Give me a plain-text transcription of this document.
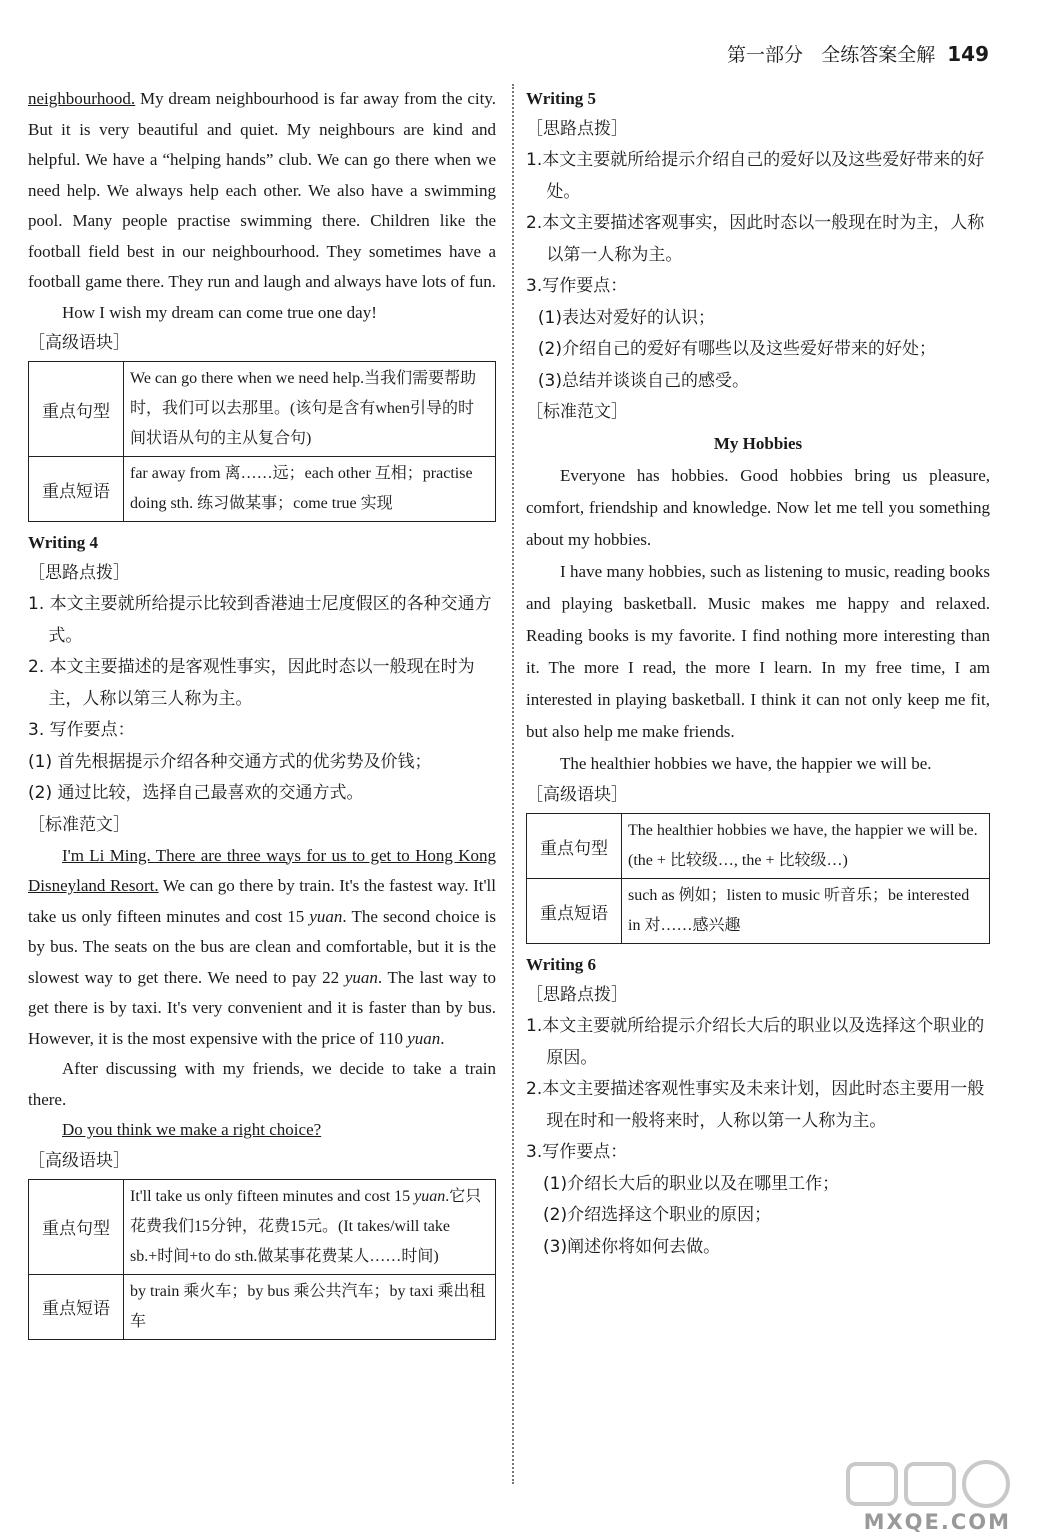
第一部分 全练答案全解 149

neighbourhood. My dream neighbourhood is far away from the city. But it is very beautiful and quiet. My neighbours are kind and helpful. We have a “helping hands” club. We can go there when we need help. We always help each other. We also have a swimming pool. Many people practise swimming there. Children like the football field best in our neighbourhood. They sometimes have a football game there. They run and laugh and always have lots of fun.

How I wish my dream can come true one day!

［高级语块］

重点句型	We can go there when we need help.当我们需要帮助时，我们可以去那里。(该句是含有when引导的时间状语从句的主从复合句)
重点短语	far away from 离……远；each other 互相；practise doing sth. 练习做某事；come true 实现

Writing 4

［思路点拨］

1. 本文主要就所给提示比较到香港迪士尼度假区的各种交通方式。

2. 本文主要描述的是客观性事实，因此时态以一般现在时为主，人称以第三人称为主。

3. 写作要点：

(1) 首先根据提示介绍各种交通方式的优劣势及价钱；

(2) 通过比较，选择自己最喜欢的交通方式。

［标准范文］

I'm Li Ming. There are three ways for us to get to Hong Kong Disneyland Resort. We can go there by train. It's the fastest way. It'll take us only fifteen minutes and cost 15 yuan. The second choice is by bus. The seats on the bus are clean and comfortable, but it is the slowest way to get there. We need to pay 22 yuan. The last way to get there is by taxi. It's very convenient and it is faster than by bus. However, it is the most expensive with the price of 110 yuan.

After discussing with my friends, we decide to take a train there.

Do you think we make a right choice?

［高级语块］

重点句型	It'll take us only fifteen minutes and cost 15 yuan.它只花费我们15分钟，花费15元。(It takes/will take sb.+时间+to do sth.做某事花费某人……时间)
重点短语	by train 乘火车；by bus 乘公共汽车；by taxi 乘出租车

Writing 5

［思路点拨］

1.本文主要就所给提示介绍自己的爱好以及这些爱好带来的好处。

2.本文主要描述客观事实，因此时态以一般现在时为主，人称以第一人称为主。

3.写作要点：

(1)表达对爱好的认识；

(2)介绍自己的爱好有哪些以及这些爱好带来的好处；

(3)总结并谈谈自己的感受。

［标准范文］

My Hobbies

Everyone has hobbies. Good hobbies bring us pleasure, comfort, friendship and knowledge. Now let me tell you something about my hobbies.

I have many hobbies, such as listening to music, reading books and playing basketball. Music makes me happy and relaxed. Reading books is my favorite. I find nothing more interesting than it. The more I read, the more I learn. In my free time, I am interested in playing basketball. I think it can not only keep me fit, but also help me make friends.

The healthier hobbies we have, the happier we will be.

［高级语块］

重点句型	The healthier hobbies we have, the happier we will be. (the + 比较级…, the + 比较级…)
重点短语	such as 例如；listen to music 听音乐；be interested in 对……感兴趣

Writing 6

［思路点拨］

1.本文主要就所给提示介绍长大后的职业以及选择这个职业的原因。

2.本文主要描述客观性事实及未来计划，因此时态主要用一般现在时和一般将来时，人称以第一人称为主。

3.写作要点：

(1)介绍长大后的职业以及在哪里工作；

(2)介绍选择这个职业的原因；

(3)阐述你将如何去做。

MXQE.COM
